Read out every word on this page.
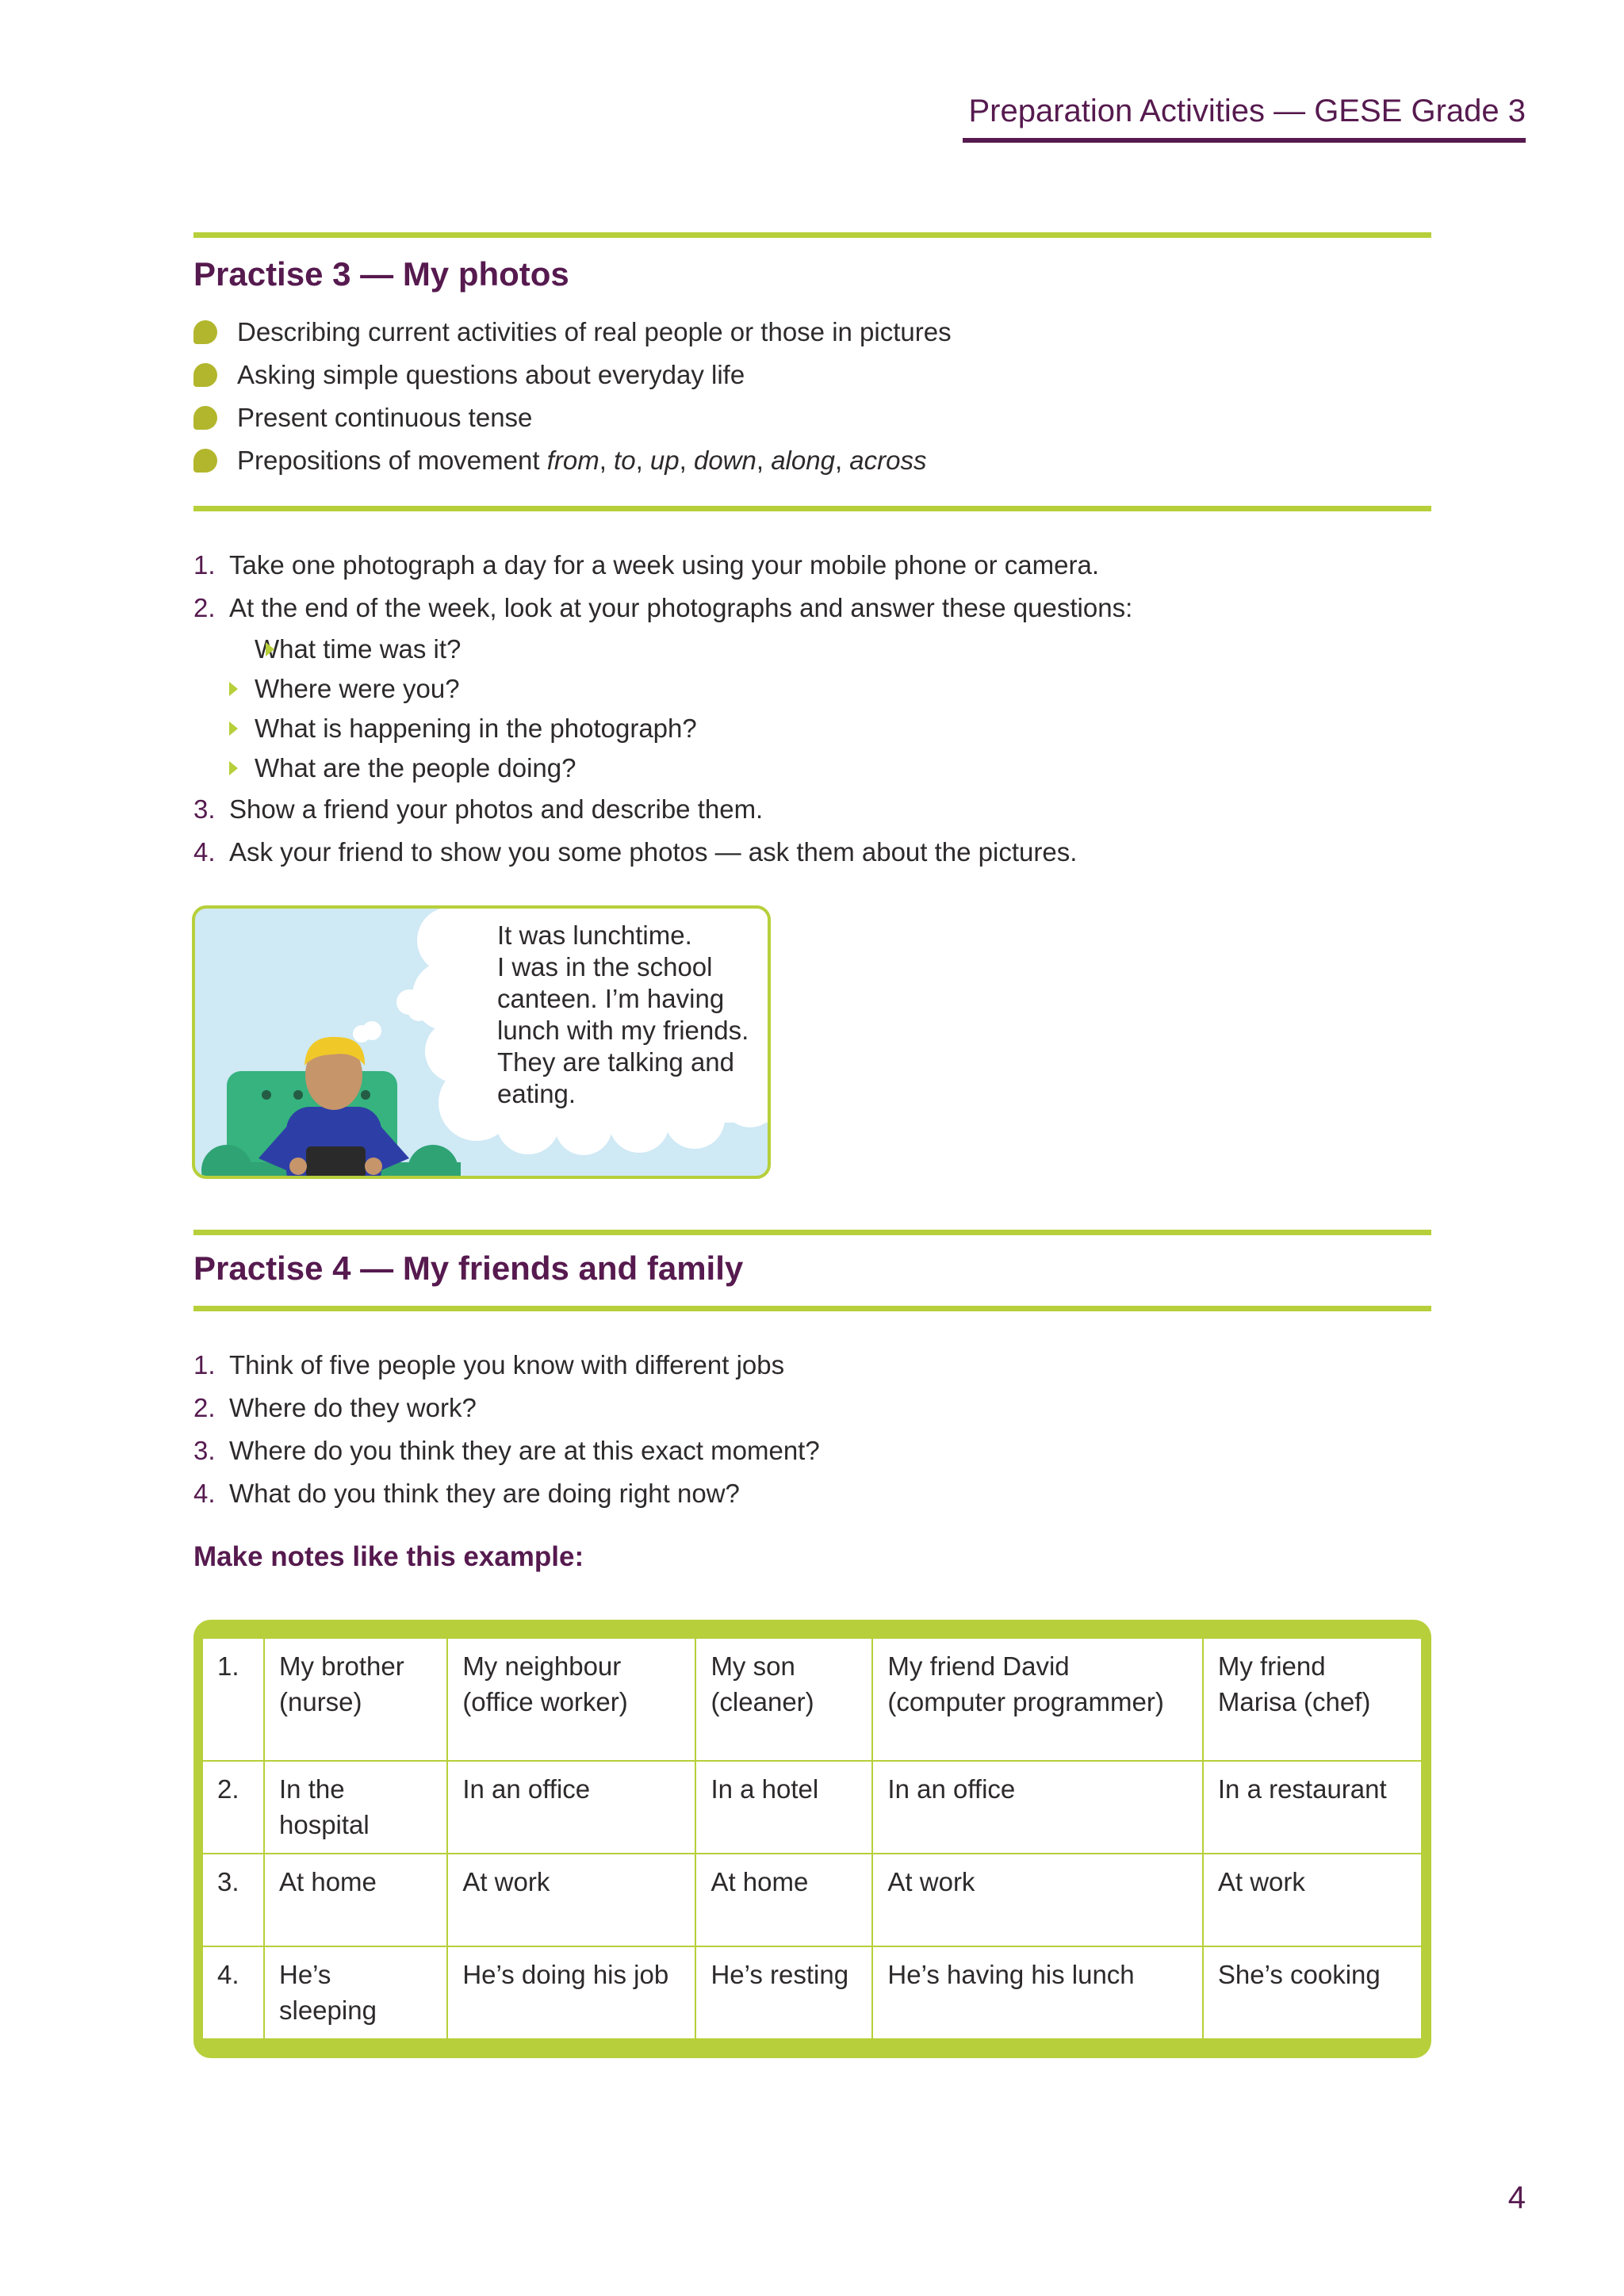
Preparation Activities — GESE Grade 3
Practise 3 — My photos
Describing current activities of real people or those in pictures
Asking simple questions about everyday life
Present continuous tense
Prepositions of movement from, to, up, down, along, across
1. Take one photograph a day for a week using your mobile phone or camera.
2. At the end of the week, look at your photographs and answer these questions:
What time was it?
Where were you?
What is happening in the photograph?
What are the people doing?
3. Show a friend your photos and describe them.
4. Ask your friend to show you some photos — ask them about the pictures.
It was lunchtime.
I was in the school
canteen. I’m having
lunch with my friends.
They are talking and
eating.
Practise 4 — My friends and family
1. Think of five people you know with different jobs
2. Where do they work?
3. Where do you think they are at this exact moment?
4. What do you think they are doing right now?
Make notes like this example:
1.	My brother (nurse)	My neighbour (office worker)	My son (cleaner)	My friend David (computer programmer)	My friend Marisa (chef)
2.	In the hospital	In an office	In a hotel	In an office	In a restaurant
3.	At home	At work	At home	At work	At work
4.	He’s sleeping	He’s doing his job	He’s resting	He’s having his lunch	She’s cooking
4
